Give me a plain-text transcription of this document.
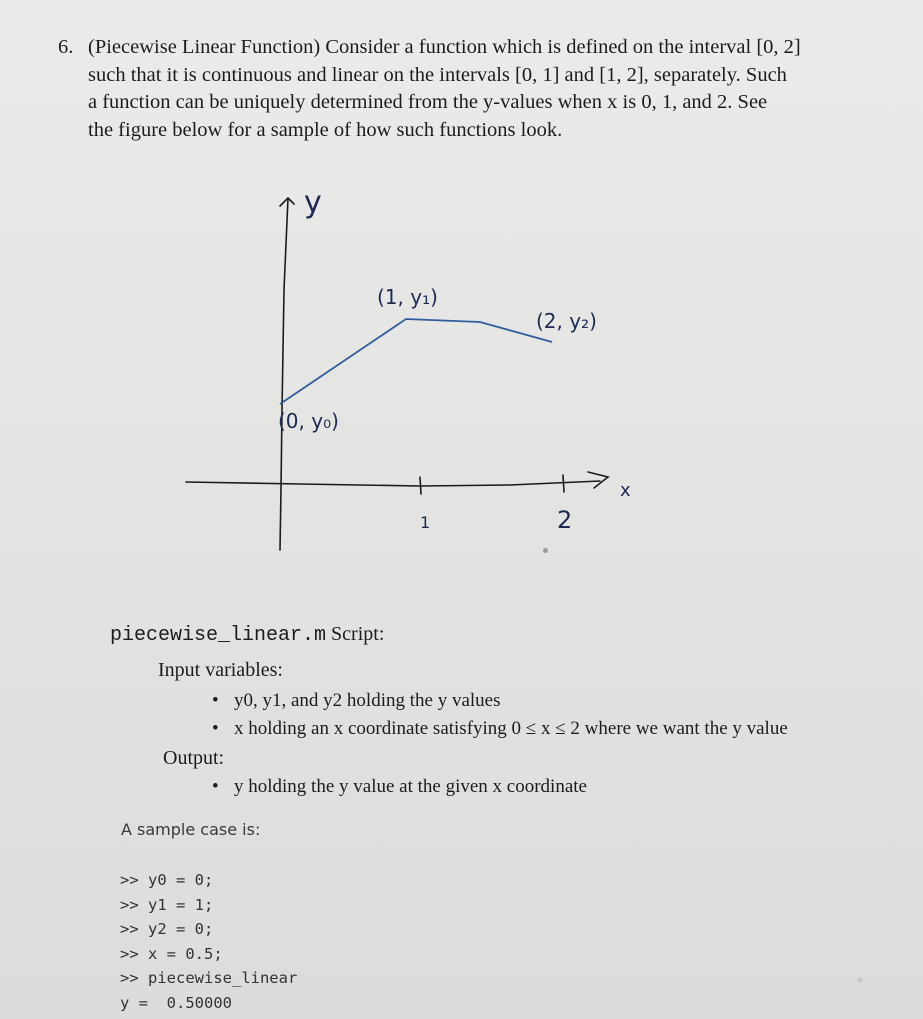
6. (Piecewise Linear Function) Consider a function which is defined on the interval [0, 2]
such that it is continuous and linear on the intervals [0, 1] and [1, 2], separately. Such
a function can be uniquely determined from the y-values when x is 0, 1, and 2. See
the figure below for a sample of how such functions look.
y
x
(0, y₀)
(1, y₁)
(2, y₂)
1	2
piecewise_linear.m Script:
Input variables:
• y0, y1, and y2 holding the y values
• x holding an x coordinate satisfying 0 ≤ x ≤ 2 where we want the y value
Output:
• y holding the y value at the given x coordinate
A sample case is:
>> y0 = 0;
>> y1 = 1;
>> y2 = 0;
>> x = 0.5;
>> piecewise_linear
y =  0.50000
